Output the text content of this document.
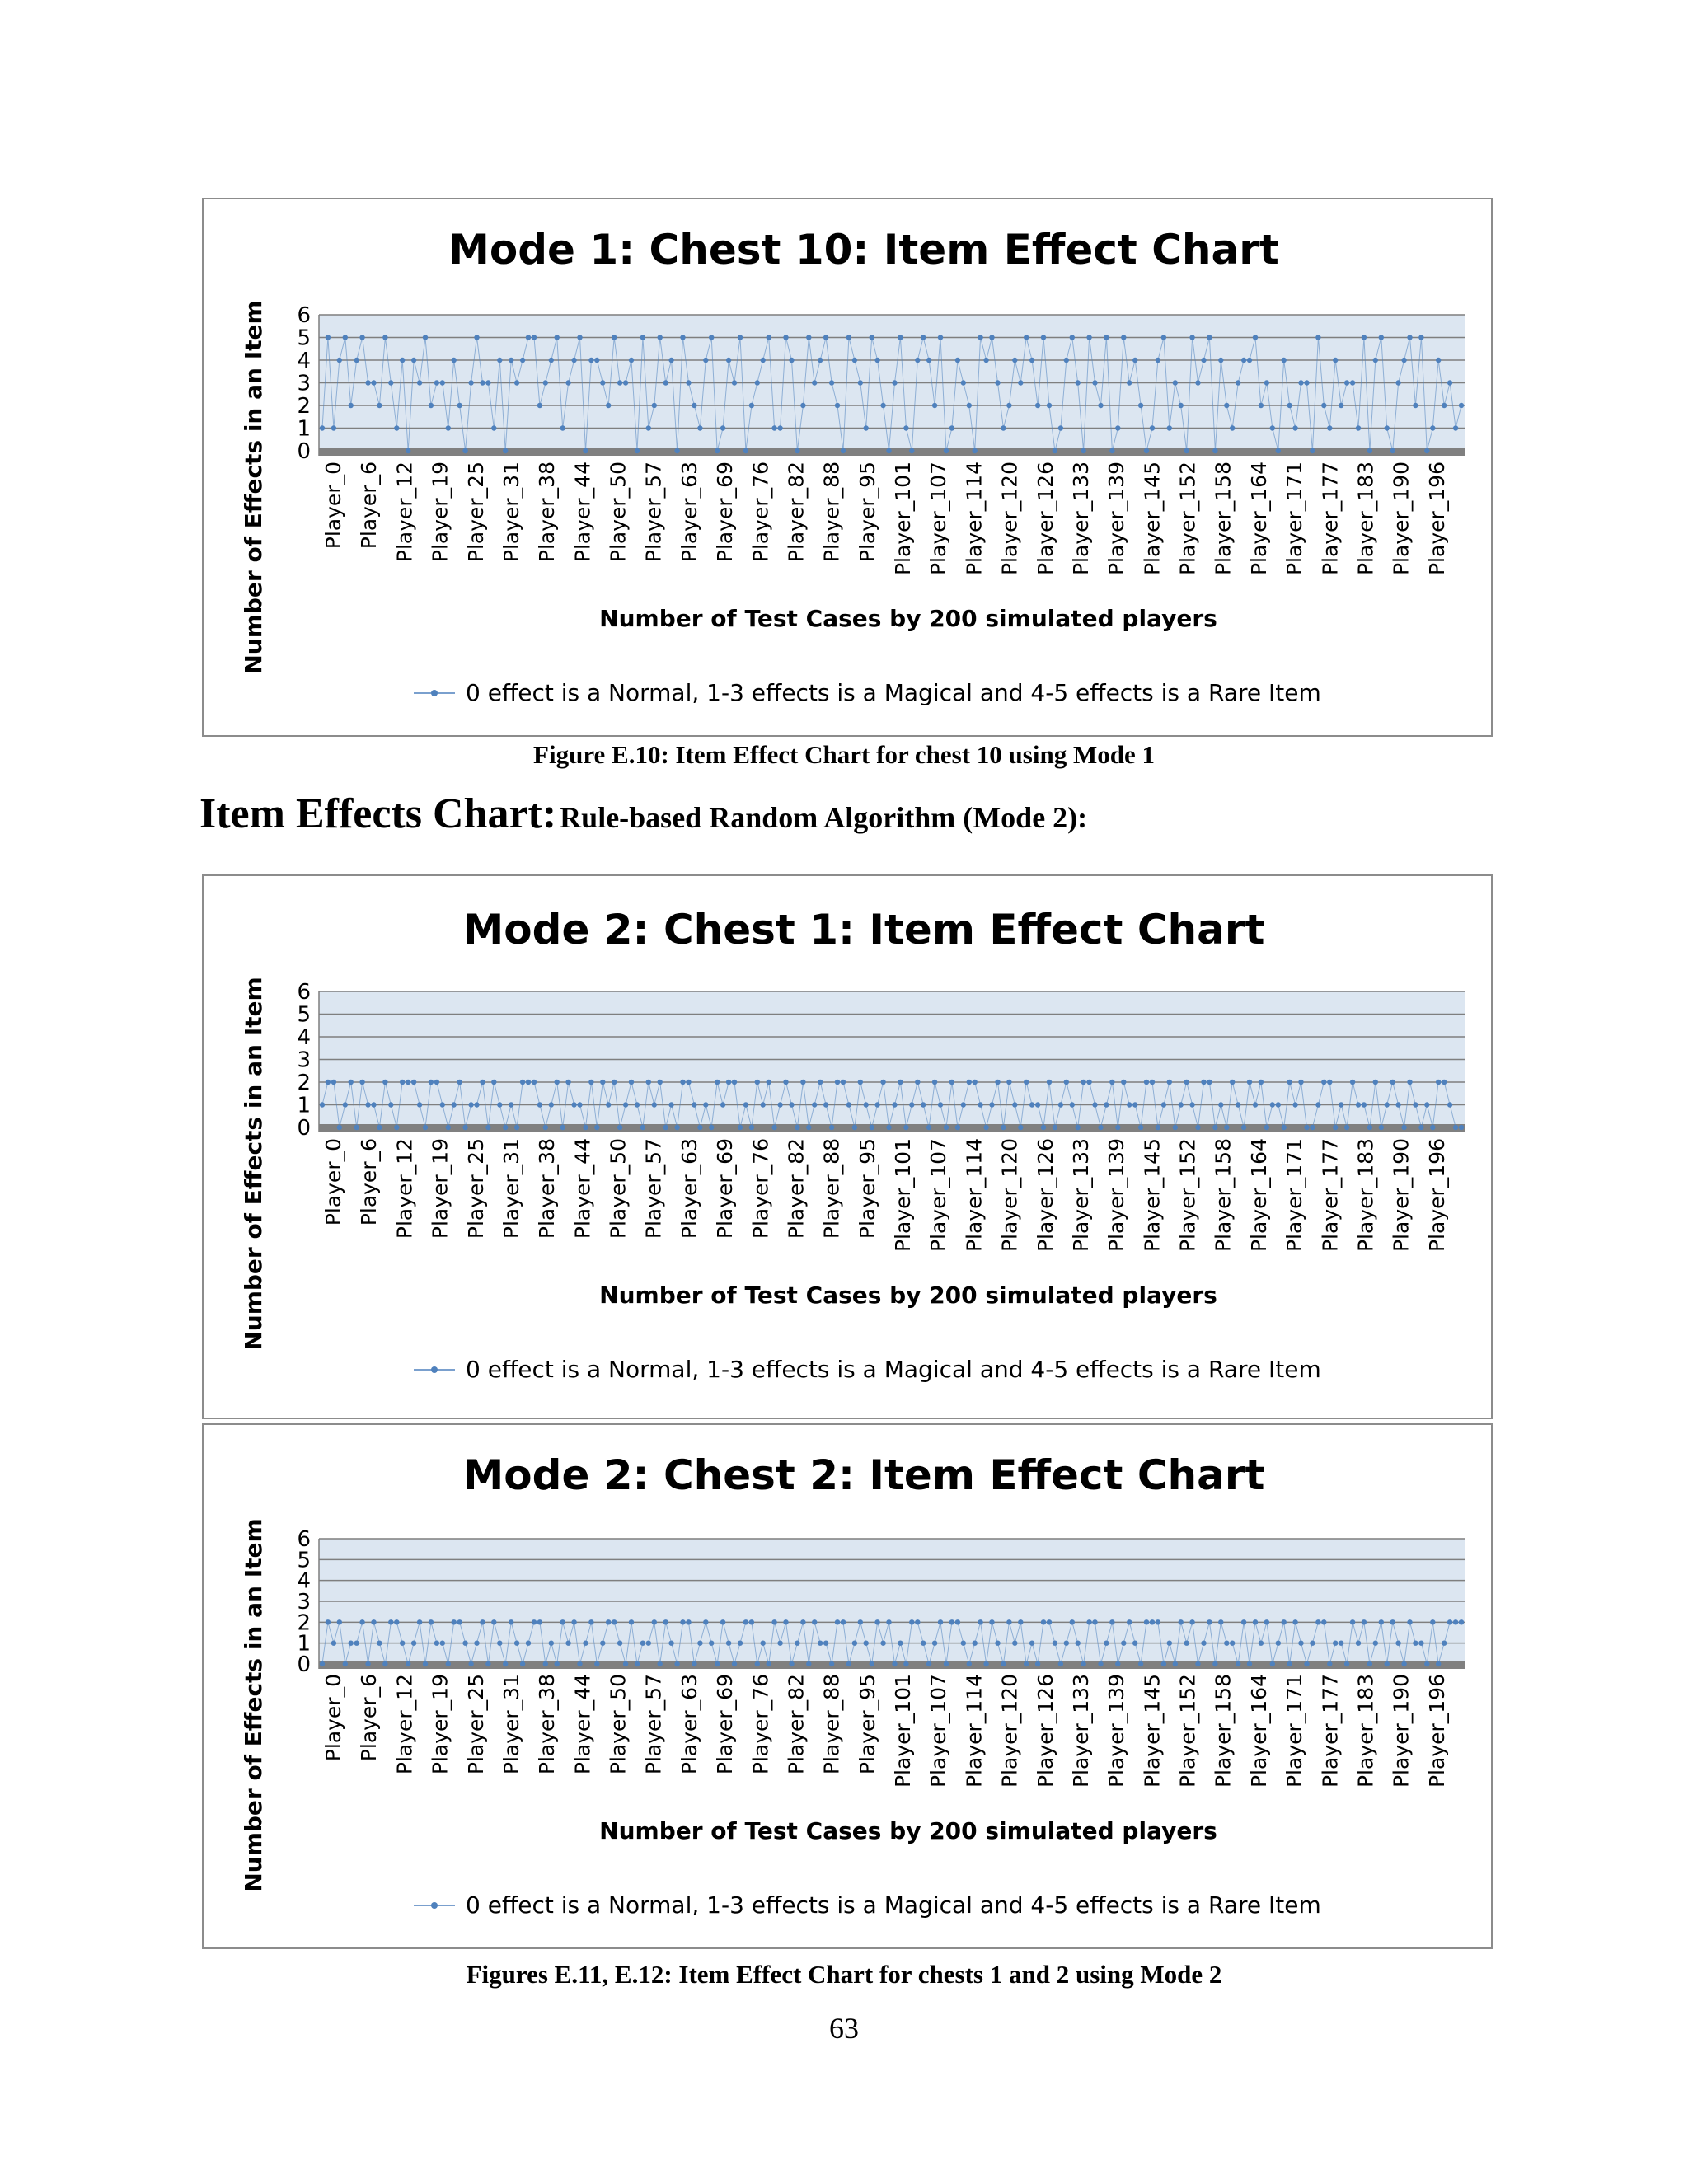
Mode 1: Chest 10: Item Effect Chart
0
1
2
3
4
5
6
Player_0 Player_6 Player_12 Player_19 Player_25 Player_31 Player_38 Player_44 Player_50 Player_57 Player_63 Player_69 Player_76 Player_82 Player_88 Player_95 Player_101 Player_107 Player_114 Player_120 Player_126 Player_133 Player_139 Player_145 Player_152 Player_158 Player_164 Player_171 Player_177 Player_183 Player_190 Player_196
Number of Test Cases by 200 simulated players
Number of Effects in an Item
0 effect is a Normal, 1-3 effects is a Magical and 4-5 effects is a Rare Item
Figure E.10: Item Effect Chart for chest 10 using Mode 1
Item Effects Chart: Rule-based Random Algorithm (Mode 2):
Mode 2: Chest 1: Item Effect Chart
0
1
2
3
4
5
6
Player_0 Player_6 Player_12 Player_19 Player_25 Player_31 Player_38 Player_44 Player_50 Player_57 Player_63 Player_69 Player_76 Player_82 Player_88 Player_95 Player_101 Player_107 Player_114 Player_120 Player_126 Player_133 Player_139 Player_145 Player_152 Player_158 Player_164 Player_171 Player_177 Player_183 Player_190 Player_196
Number of Test Cases by 200 simulated players
Number of Effects in an Item
0 effect is a Normal, 1-3 effects is a Magical and 4-5 effects is a Rare Item
Mode 2: Chest 2: Item Effect Chart
0
1
2
3
4
5
6
Player_0 Player_6 Player_12 Player_19 Player_25 Player_31 Player_38 Player_44 Player_50 Player_57 Player_63 Player_69 Player_76 Player_82 Player_88 Player_95 Player_101 Player_107 Player_114 Player_120 Player_126 Player_133 Player_139 Player_145 Player_152 Player_158 Player_164 Player_171 Player_177 Player_183 Player_190 Player_196
Number of Test Cases by 200 simulated players
Number of Effects in an Item
0 effect is a Normal, 1-3 effects is a Magical and 4-5 effects is a Rare Item
Figures E.11, E.12: Item Effect Chart for chests 1 and 2 using Mode 2
63
